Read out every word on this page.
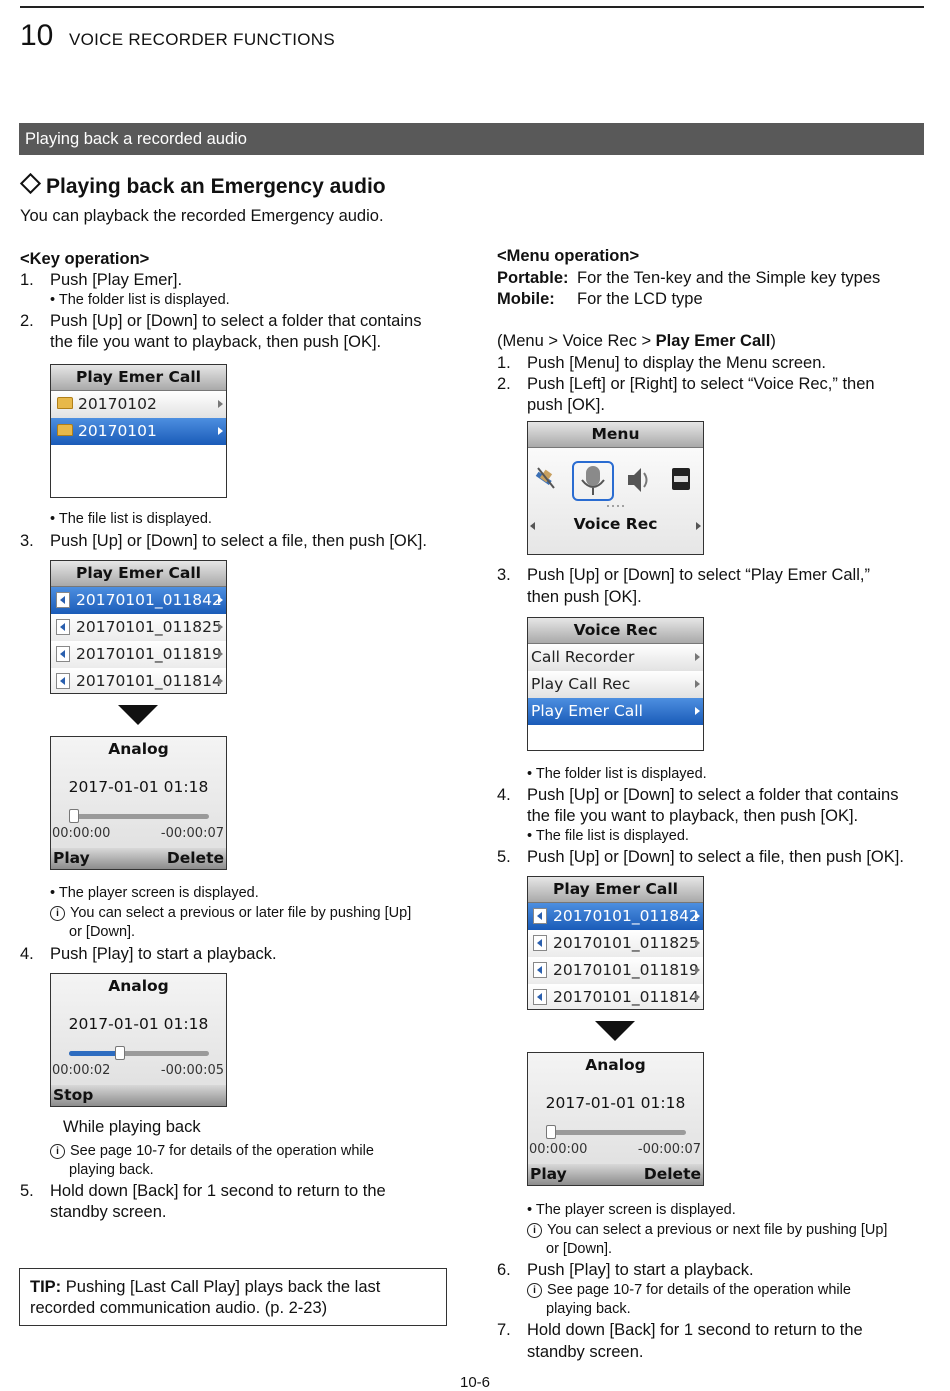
10 VOICE RECORDER FUNCTIONS
Playing back a recorded audio
Playing back an Emergency audio
You can playback the recorded Emergency audio.
<Key operation>
1. Push [Play Emer].
• The folder list is displayed.
2. Push [Up] or [Down] to select a folder that contains
the file you want to playback, then push [OK].
Play Emer Call
20170102
20170101
• The file list is displayed.
3. Push [Up] or [Down] to select a file, then push [OK].
Play Emer Call
20170101_011842
20170101_011825
20170101_011819
20170101_011814
Analog
2017-01-01 01:18
00:00:00	-00:00:07
Play	Delete
• The player screen is displayed.
i You can select a previous or later file by pushing [Up]
or [Down].
4. Push [Play] to start a playback.
Analog
2017-01-01 01:18
00:00:02	-00:00:05
Stop
While playing back
i See page 10-7 for details of the operation while
playing back.
5. Hold down [Back] for 1 second to return to the
standby screen.
TIP: Pushing [Last Call Play] plays back the last
recorded communication audio. (p. 2-23)
<Menu operation>
Portable: For the Ten-key and the Simple key types
Mobile: For the LCD type
(Menu > Voice Rec > Play Emer Call)
1. Push [Menu] to display the Menu screen.
2. Push [Left] or [Right] to select “Voice Rec,” then
push [OK].
Menu
Voice Rec
3. Push [Up] or [Down] to select “Play Emer Call,”
then push [OK].
Voice Rec
Call Recorder
Play Call Rec
Play Emer Call
• The folder list is displayed.
4. Push [Up] or [Down] to select a folder that contains
the file you want to playback, then push [OK].
• The file list is displayed.
5. Push [Up] or [Down] to select a file, then push [OK].
Play Emer Call
20170101_011842
20170101_011825
20170101_011819
20170101_011814
Analog
2017-01-01 01:18
00:00:00	-00:00:07
Play	Delete
• The player screen is displayed.
i You can select a previous or next file by pushing [Up]
or [Down].
6. Push [Play] to start a playback.
i See page 10-7 for details of the operation while
playing back.
7. Hold down [Back] for 1 second to return to the
standby screen.
10-6
